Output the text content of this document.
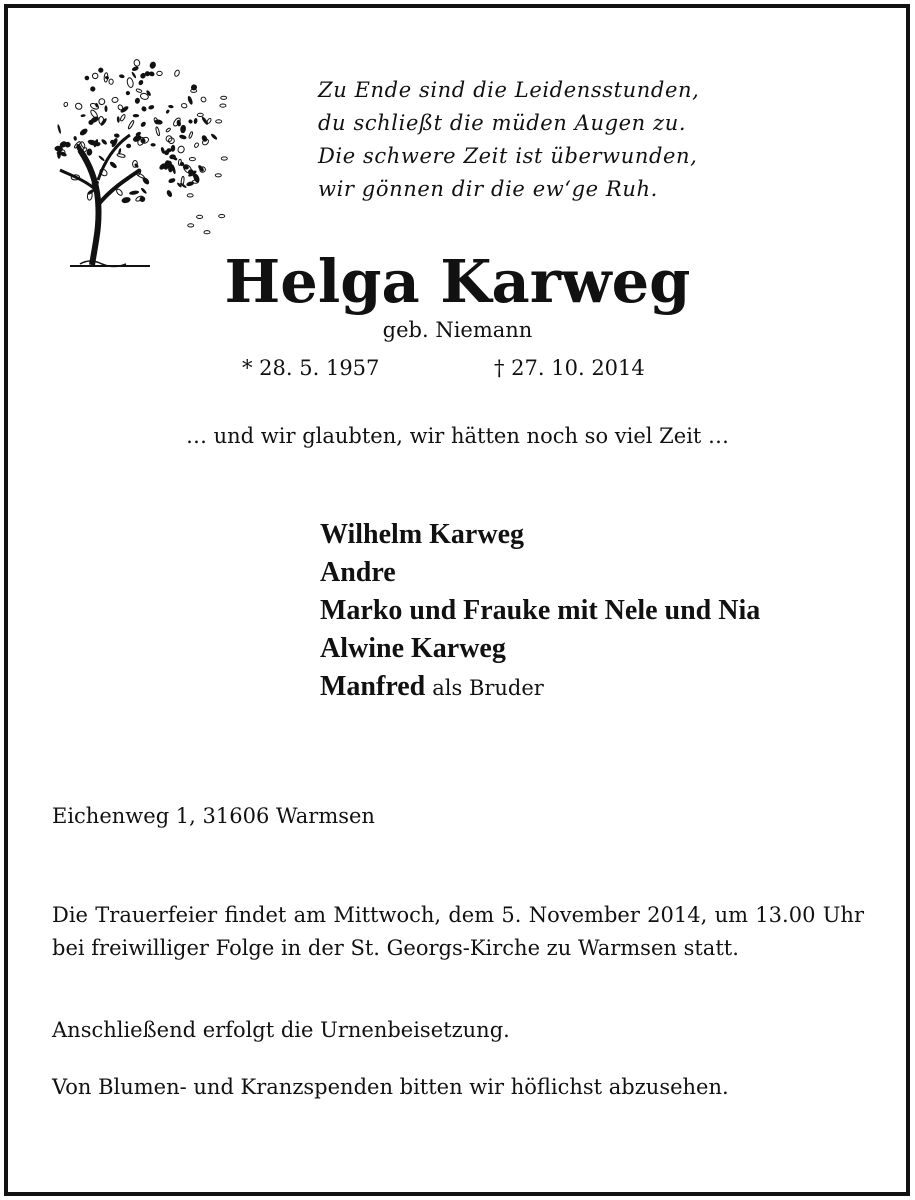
Zu Ende sind die Leidensstunden,
du schließt die müden Augen zu.
Die schwere Zeit ist überwunden,
wir gönnen dir die ew‘ge Ruh.
Helga Karweg
geb. Niemann
* 28. 5. 1957	† 27. 10. 2014
… und wir glaubten, wir hätten noch so viel Zeit …
Wilhelm Karweg
Andre
Marko und Frauke mit Nele und Nia
Alwine Karweg
Manfred als Bruder
Eichenweg 1, 31606 Warmsen
Die Trauerfeier findet am Mittwoch, dem 5. November 2014, um 13.00 Uhr bei freiwilliger Folge in der St. Georgs-Kirche zu Warmsen statt.
Anschließend erfolgt die Urnenbeisetzung.
Von Blumen- und Kranzspenden bitten wir höflichst abzusehen.
